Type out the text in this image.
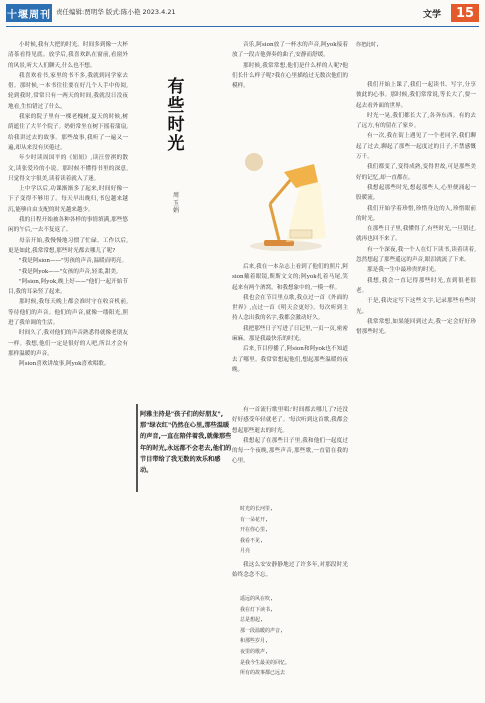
十堰周刊 责任编辑:贾明华 版式:陈小艳 2023.4.21	文学	15

小时候,我有大把的时光。时间多到像一大杯清茶看得见底。放学后,我喜欢趴在窗前,看窗外的风景,听大人们聊天,什么也不想。

我喜欢看书,家里的书不多,我就到同学家去借。那时候,一本书往往要在好几个人手中传阅,轮到我时,常常只有一两天的时间,我就没日没夜地看,生怕错过了什么。

我家的院子里有一棵老槐树,夏天的时候,树荫遮住了大半个院子。奶奶常坐在树下摇着蒲扇,给我讲过去的故事。那些故事,我听了一遍又一遍,却从来没有厌倦过。

年少时读周国平的《妞妞》,读汪曾祺的散文,读张爱玲的小说。那时候不懂得书里的深意,只觉得文字很美,读着读着就入了迷。

上中学以后,功课渐渐多了起来,时间好像一下子变得不够用了。每天早出晚归,书包越来越沉,能够自由支配的时光越来越少。

我的日程开始被各种各样的事情填满,那些悠闲的午后,一去不复返了。

母亲开始,我慢慢地习惯了忙碌。工作以后,更是如此,我常常想,那些时光都去哪儿了呢?

"我是阿sion——"男孩的声音,温暖而明亮。

"我是阿yok——"女孩的声音,轻柔,甜美。

"阿sion,阿yok,晚上好——"他们一起开始节目,我的耳朵竖了起来。

那时候,我每天晚上都会准时守在收音机前,等待他们的声音。他们的声音,就像一缕阳光,照进了我单调的生活。

时间久了,我对他们的声音熟悉得就像老朋友一样。我想,他们一定是很好的人吧,所以才会有那样温暖的声音。

阿sion喜欢讲故事,阿yok喜欢唱歌。

有
些
时
光
周
玉
娟

音乐,阿sion放了一杯水的声音,阿yok接着放了一段吉他弹奏的曲子,安静而舒缓。

那时候,我常常想,他们是什么样的人呢?他们长什么样子呢?我在心里描绘过无数次他们的模样。

后来,我在一本杂志上看到了他们的照片,阿sion戴着眼镜,斯斯文文的;阿yok扎着马尾,笑起来有两个酒窝。和我想象中的,一模一样。

我也会在节目里点歌,我点过一首《外面的世界》,点过一首《明天会更好》。每次听到主持人念出我的名字,我都会激动好久。

我把那些日子写进了日记里,一页一页,密密麻麻。那是我最快乐的时光。

后来,节目停播了,阿sion和阿yok也不知道去了哪里。我常常想起他们,想起那些温暖的夜晚。

你把此时,

我们开始上课了,我们一起读书、写字,分享彼此的心事。那时候,我们常常说,等长大了,要一起去看外面的世界。

时光一晃,我们都长大了,各奔东西。有的去了远方,有的留在了家乡。

有一次,我在街上遇见了一个老同学,我们聊起了过去,聊起了那些一起度过的日子,不禁感慨万千。

我们都变了,变得成熟,变得世故,可是那些美好的记忆,却一直都在。

我想起那些时光,想起那些人,心里便涌起一股暖流。

我们开始学着珍惜,珍惜身边的人,珍惜眼前的时光。

在那些日子里,我懂得了,有些时光,一旦错过,就再也回不来了。

有一个深夜,我一个人在灯下读书,读着读着,忽然想起了那些遥远的声音,眼泪就流了下来。

那是我一生中最珍贵的时光。

我想,我会一直记得那些时光,直到很老很老。

于是,我决定写下这些文字,记录那些有些时光。

我常常想,如果能回到过去,我一定会好好珍惜那些时光。

有一首流行歌里唱:'时间都去哪儿了?还没好好感受年轻就老了。'每次听到这首歌,我都会想起那些逝去的时光。

我想起了在那些日子里,我和他们一起度过的每一个夜晚,那些声音,那些歌,一直留在我的心里。

时光的长河里,
有一朵花开,
开在你心里,
我看不见,
月亮

我这么安安静静地过了许多年,对那段时光始终念念不忘。

遥远的风在吹,
我在灯下读书,
总是想起,
那一段温暖的声音,
和那些岁月,
夜里的歌声,
是我今生最美的回忆。
所有的故事都已远去
阿雅主持是"孩子们的好朋友",那"绿衣红"仍然在心里,那些温暖的声音,一直在陪伴着我,就像那些年的时光,永远都不会老去,他们的节目带给了我无数的欢乐和感动。
